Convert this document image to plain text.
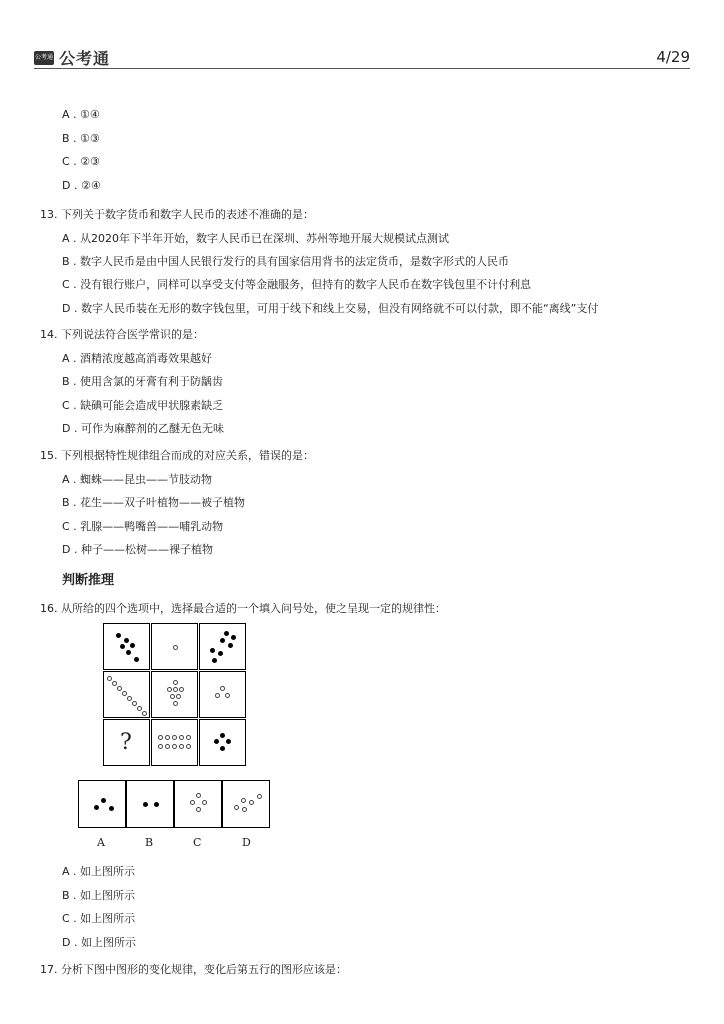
公考通 公考通	4/29
A . ①④
B . ①③
C . ②③
D . ②④
13. 下列关于数字货币和数字人民币的表述不准确的是：
A . 从2020年下半年开始，数字人民币已在深圳、苏州等地开展大规模试点测试
B . 数字人民币是由中国人民银行发行的具有国家信用背书的法定货币，是数字形式的人民币
C . 没有银行账户，同样可以享受支付等金融服务，但持有的数字人民币在数字钱包里不计付利息
D . 数字人民币装在无形的数字钱包里，可用于线下和线上交易，但没有网络就不可以付款，即不能“离线”支付
14. 下列说法符合医学常识的是：
A . 酒精浓度越高消毒效果越好
B . 使用含氯的牙膏有利于防龋齿
C . 缺碘可能会造成甲状腺素缺乏
D . 可作为麻醉剂的乙醚无色无味
15. 下列根据特性规律组合而成的对应关系，错误的是：
A . 蜘蛛——昆虫——节肢动物
B . 花生——双子叶植物——被子植物
C . 乳腺——鸭嘴兽——哺乳动物
D . 种子——松树——裸子植物
判断推理
16. 从所给的四个选项中，选择最合适的一个填入问号处，使之呈现一定的规律性：
?
A	B	C	D
A . 如上图所示
B . 如上图所示
C . 如上图所示
D . 如上图所示
17. 分析下图中图形的变化规律，变化后第五行的图形应该是：
